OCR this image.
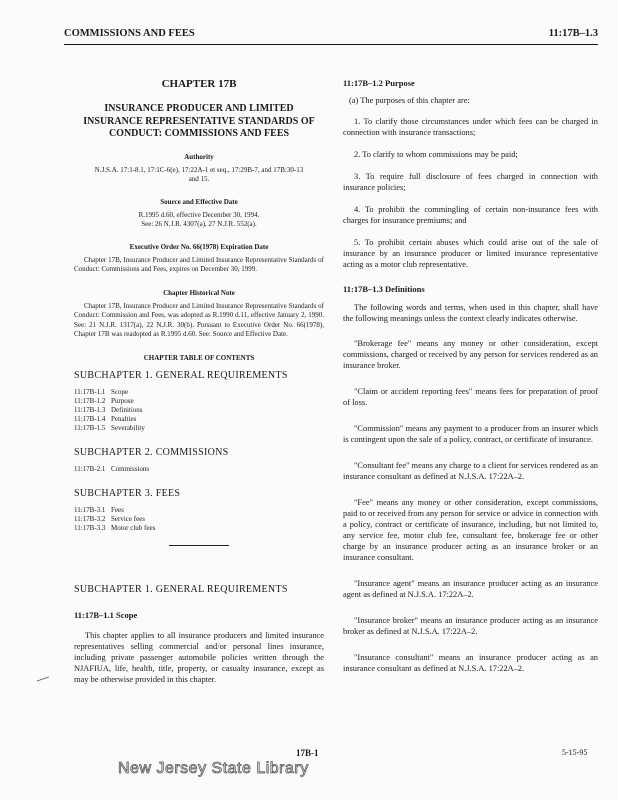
COMMISSIONS AND FEES	11:17B–1.3
CHAPTER 17B
INSURANCE PRODUCER AND LIMITED INSURANCE REPRESENTATIVE STANDARDS OF CONDUCT: COMMISSIONS AND FEES
Authority
N.J.S.A. 17:1-8.1, 17:1C-6(e), 17:22A-1 et seq., 17:29B-7, and 17B:30-13 and 15.
Source and Effective Date
R.1995 d.60, effective December 30, 1994.
See: 26 N.J.R. 4307(a), 27 N.J.R. 552(a).
Executive Order No. 66(1978) Expiration Date
Chapter 17B, Insurance Producer and Limited Insurance Representative Standards of Conduct: Commissions and Fees, expires on December 30, 1999.
Chapter Historical Note
Chapter 17B, Insurance Producer and Limited Insurance Representative Standards of Conduct: Commission and Fees, was adopted as R.1990 d.11, effective January 2, 1990. See: 21 N.J.R. 1317(a), 22 N.J.R. 30(b). Pursuant to Executive Order No. 66(1978), Chapter 17B was readopted as R.1995 d.60. See: Source and Effective Date.
CHAPTER TABLE OF CONTENTS
SUBCHAPTER 1. GENERAL REQUIREMENTS
11:17B-1.1 Scope
11:17B-1.2 Purpose
11:17B-1.3 Definitions
11:17B-1.4 Penalties
11:17B-1.5 Severability
SUBCHAPTER 2. COMMISSIONS
11:17B-2.1 Commissions
SUBCHAPTER 3. FEES
11:17B-3.1 Fees
11:17B-3.2 Service fees
11:17B-3.3 Motor club fees
SUBCHAPTER 1. GENERAL REQUIREMENTS
11:17B–1.1 Scope
This chapter applies to all insurance producers and limited insurance representatives selling commercial and/or personal lines insurance, including private passenger automobile policies written through the NJAFIUA, life, health, title, property, or casualty insurance, except as may be otherwise provided in this chapter.
11:17B–1.2 Purpose
(a) The purposes of this chapter are:
1. To clarify those circumstances under which fees can be charged in connection with insurance transactions;
2. To clarify to whom commissions may be paid;
3. To require full disclosure of fees charged in connection with insurance policies;
4. To prohibit the commingling of certain non-insurance fees with charges for insurance premiums; and
5. To prohibit certain abuses which could arise out of the sale of insurance by an insurance producer or limited insurance representative acting as a motor club representative.
11:17B–1.3 Definitions
The following words and terms, when used in this chapter, shall have the following meanings unless the context clearly indicates otherwise.
"Brokerage fee" means any money or other consideration, except commissions, charged or received by any person for services rendered as an insurance broker.
"Claim or accident reporting fees" means fees for preparation of proof of loss.
"Commission" means any payment to a producer from an insurer which is contingent upon the sale of a policy, contract, or certificate of insurance.
"Consultant fee" means any charge to a client for services rendered as an insurance consultant as defined at N.J.S.A. 17:22A–2.
"Fee" means any money or other consideration, except commissions, paid to or received from any person for service or advice in connection with a policy, contract or certificate of insurance, including, but not limited to, any service fee, motor club fee, consultant fee, brokerage fee or other charge by an insurance producer acting as an insurance broker or an insurance consultant.
"Insurance agent" means an insurance producer acting as an insurance agent as defined at N.J.S.A. 17:22A–2.
"Insurance broker" means an insurance producer acting as an insurance broker as defined at N.J.S.A. 17:22A–2.
"Insurance consultant" means an insurance producer acting as an insurance consultant as defined at N.J.S.A. 17:22A–2.
17B-1	5-15-95
New Jersey State Library
